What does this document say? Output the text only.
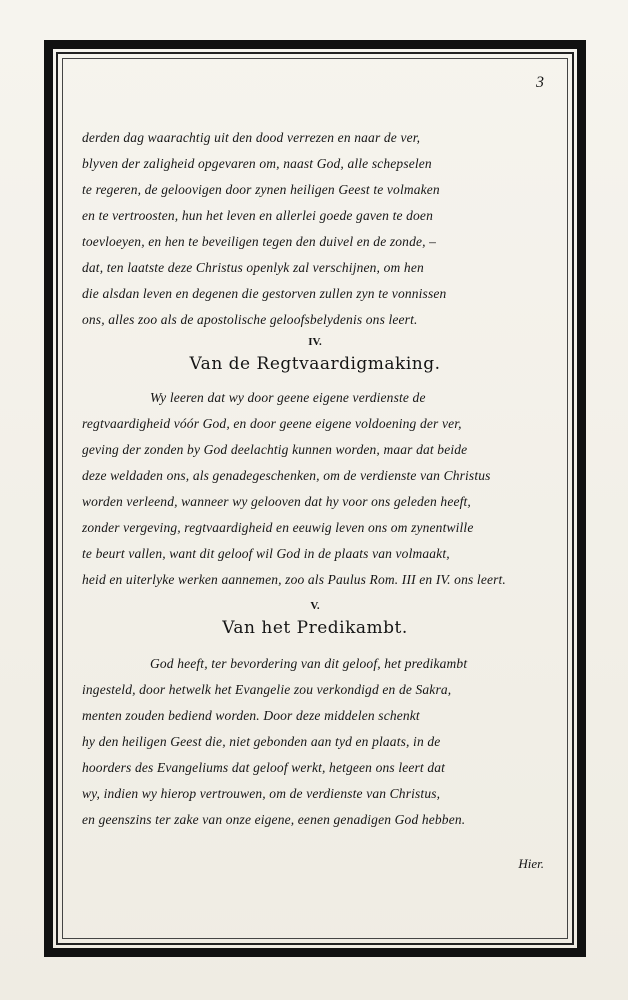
3
derden dag waarachtig uit den dood verrezen en naar de ver,
blyven der zaligheid opgevaren om, naast God, alle schepselen
te regeren, de geloovigen door zynen heiligen Geest te volmaken
en te vertroosten, hun het leven en allerlei goede gaven te doen
toevloeyen, en hen te beveiligen tegen den duivel en de zonde, –
dat, ten laatste deze Christus openlyk zal verschijnen, om hen
die alsdan leven en degenen die gestorven zullen zyn te vonnissen
ons, alles zoo als de apostolische geloofsbelydenis ons leert.
IV.
Van de Regtvaardigmaking.
Wy leeren dat wy door geene eigene verdienste de
regtvaardigheid vóór God, en door geene eigene voldoening der ver,
geving der zonden by God deelachtig kunnen worden, maar dat beide
deze weldaden ons, als genadegeschenken, om de verdienste van Christus
worden verleend, wanneer wy gelooven dat hy voor ons geleden heeft,
zonder vergeving, regtvaardigheid en eeuwig leven ons om zynentwille
te beurt vallen, want dit geloof wil God in de plaats van volmaakt,
heid en uiterlyke werken aannemen, zoo als Paulus Rom. III en IV. ons leert.
V.
Van het Predikambt.
God heeft, ter bevordering van dit geloof, het predikambt
ingesteld, door hetwelk het Evangelie zou verkondigd en de Sakra,
menten zouden bediend worden. Door deze middelen schenkt
hy den heiligen Geest die, niet gebonden aan tyd en plaats, in de
hoorders des Evangeliums dat geloof werkt, hetgeen ons leert dat
wy, indien wy hierop vertrouwen, om de verdienste van Christus,
en geenszins ter zake van onze eigene, eenen genadigen God hebben.
Hier.
